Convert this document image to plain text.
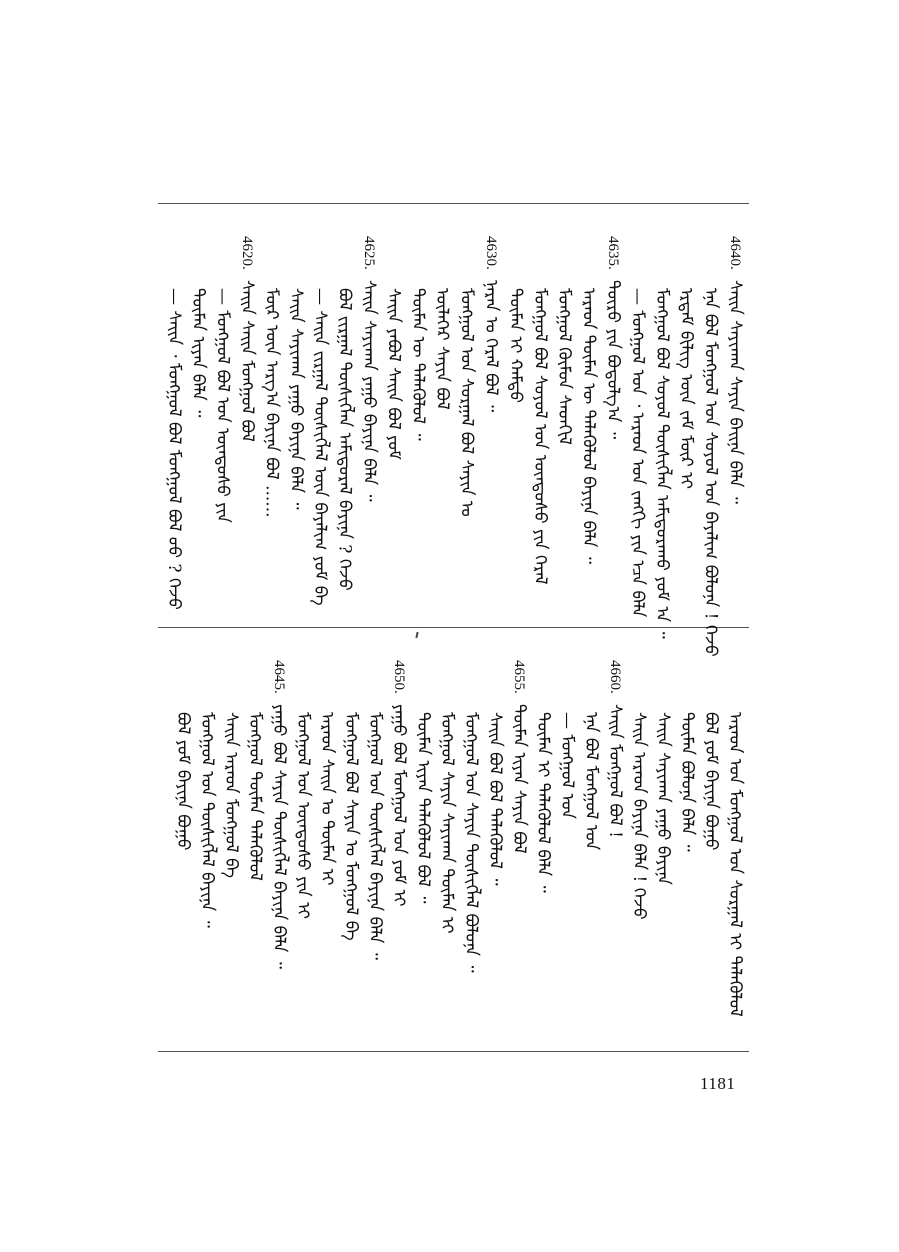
4640.ᠰᠠᠢᠨ ᠰᠠᠶᠢᠬᠠᠨ ᠰᠠᠶᠢᠨ ᠪᠠᠢᠨᠠ ᠪᠡᠯᠡ ᠃
ᠡᠨᠡ ᠪᠣᠯ ᠮᠣᠩᠭᠣᠯ ᠤᠨ ᠰᠣᠶᠣᠯ ᠤᠨ ᠪᠠᠶᠠᠯᠢᠭ ᠪᠣᠯᠤᠨᠠ ! ᠭᠡᠵᠦ
ᠡᠷᠳᠡᠮ ᠪᠢᠯᠢᠭ ᠦᠨ ᠵᠠᠮ ᠮᠥᠷ ᠢ
ᠮᠣᠩᠭᠣᠯ ᠪᠣᠯ ᠰᠣᠶᠣᠯ ᠲᠦᠰᠢᠭᠯᠡᠨ ᠠᠮᠢᠳᠤᠷᠠᠬᠤ ᠶᠤᠮ ᠠ ᠃
— ᠮᠣᠩᠭᠣᠯ ᠤᠨ ᠂ ᠠᠷᠠᠳ ᠤᠨ ᠵᠠᠩᠬᠢ ᠶᠢᠨ ᠡᠴᠡ ᠪᠡᠯᠡ
4635.ᠲᠥᠷᠦ ᠶᠢᠨ ᠪᠣᠳᠣᠯᠭ᠎ᠠ ᠃
ᠠᠷᠠᠳ ᠲᠦᠮᠡᠨ ᠦ ᠲᠡᠯᠡᠭᠦᠯᠦᠯ ᠪᠠᠶᠢᠨᠠ ᠪᠡᠯᠡ ᠃
ᠮᠣᠩᠭᠣᠯ ᠬᠦᠮᠦᠨ ᠰᠡᠳᠬᠢᠯ
ᠮᠣᠩᠭᠣᠯ ᠪᠣᠯ ᠰᠣᠶᠣᠯ ᠤᠨ ᠦᠨᠳᠦᠰᠦ ᠶᠢᠨ ᠭᠡᠷᠡᠯ
ᠲᠦᠮᠡᠨ ᠢ ᠬᠠᠮᠲᠤ
4630.ᠨᠠᠷᠠᠨ ᠤ ᠭᠡᠷᠡᠯ ᠪᠣᠯ ᠃
ᠮᠣᠩᠭᠣᠯ ᠤᠨ ᠰᠤᠷᠭᠠᠯ ᠪᠣᠯ ᠰᠠᠶᠢᠨ ᠤ
ᠦᠯᠡᠬᠡᠷ ᠰᠠᠶᠢᠨ ᠪᠣᠯ
ᠲᠦᠮᠡᠨ ᠦ ᠲᠡᠯᠡᠭᠦᠯᠦᠯ ᠃
ᠰᠠᠢᠨ ᠶᠠᠪᠤᠯ ᠰᠠᠢᠨ ᠪᠣᠯ ᠶᠤᠮ
4625.ᠰᠠᠢᠨ ᠰᠠᠶᠢᠬᠠᠨ ᠶᠠᠭᠤ ᠪᠠᠶᠢᠨᠠ ᠪᠡᠯᠡ ᠃
ᠪᠣᠯ ᠵᠢᠷᠭᠠᠯ ᠲᠦᠰᠢᠭᠯᠡᠨ ᠠᠮᠢᠳᠤᠷᠠᠯ ᠪᠠᠶᠢᠨᠠ ? ᠭᠡᠵᠦ
— ᠰᠠᠢᠨ ᠵᠢᠷᠭᠠᠯ ᠲᠦᠰᠢᠭᠯᠡᠯ ᠦᠨ ᠪᠠᠶᠠᠯᠢᠭ ᠶᠤᠮ ᠪᠠ
ᠰᠠᠢᠨ ᠰᠠᠶᠢᠬᠠᠨ ᠶᠠᠭᠤ ᠪᠠᠶᠢᠨᠠ ᠪᠡᠯᠡ ᠃
ᠮᠥᠷ ᠦᠨ ᠠᠷᠭ᠎ᠠ ᠪᠠᠶᠢᠨᠠ ᠪᠣᠯ ......
4620.ᠰᠠᠢᠨ ᠰᠠᠢᠨ ᠮᠣᠩᠭᠣᠯ ᠪᠣᠯ
— ᠮᠣᠩᠭᠣᠯ ᠪᠣᠯ ᠤᠨ ᠦᠨᠳᠦᠰᠦ ᠶᠢᠨ
ᠲᠦᠮᠡᠨ ᠢᠶᠡᠨ ᠪᠡᠯᠡ ᠃
— ᠰᠠᠢᠨ ᠂ ᠮᠣᠩᠭᠣᠯ ᠪᠣᠯ ᠮᠣᠩᠭᠣᠯ ᠪᠣᠯ ᠤᠤ ? ᠭᠡᠵᠦ
ᠠᠷᠠᠳ ᠤᠨ ᠮᠣᠩᠭᠣᠯ ᠤᠨ ᠰᠤᠷᠭᠠᠯ ᠢ ᠲᠡᠯᠡᠭᠦᠯᠦᠯ
ᠪᠣᠯ ᠶᠤᠮ ᠪᠠᠶᠢᠨᠠ ᠪᠣᠭᠣ
ᠲᠦᠮᠡᠨ ᠪᠣᠯᠤᠨᠠ ᠪᠡᠯᠡ ᠃
ᠰᠠᠢᠨ ᠰᠠᠶᠢᠬᠠᠨ ᠶᠠᠭᠤ ᠪᠠᠶᠢᠨᠠ
ᠰᠠᠢᠨ ᠠᠷᠠᠳ ᠪᠠᠶᠢᠨᠠ ᠪᠡᠯᠡ ! ᠭᠡᠵᠦ
4660.ᠰᠠᠢᠨ ᠮᠣᠩᠭᠣᠯ ᠪᠣᠯ !
ᠡᠨᠡ ᠪᠣᠯ ᠮᠣᠩᠭᠣᠯ ᠤᠨ
— ᠮᠣᠩᠭᠣᠯ ᠤᠨ
ᠲᠦᠮᠡᠨ ᠢ ᠲᠡᠯᠡᠭᠦᠯᠦᠯ ᠪᠡᠯᠡ ᠃
4655.ᠲᠦᠮᠡᠨ ᠢᠶᠡᠨ ᠰᠠᠶᠢᠨ ᠪᠣᠯ
ᠰᠠᠢᠨ ᠪᠣᠯ ᠪᠣᠯ ᠲᠡᠯᠡᠭᠦᠯᠦᠯ ᠃
ᠮᠣᠩᠭᠣᠯ ᠤᠨ ᠰᠠᠶᠢᠨ ᠲᠦᠰᠢᠭᠯᠡᠯ ᠪᠣᠯᠤᠨᠠ ᠃
ᠮᠣᠩᠭᠣᠯ ᠰᠠᠶᠢᠨ ᠰᠠᠶᠢᠬᠠᠨ ᠲᠦᠮᠡᠨ ᠢ
ᠲᠦᠮᠡᠨ ᠢᠶᠡᠨ ᠲᠡᠯᠡᠭᠦᠯᠦᠯ ᠪᠣᠯ ᠃
4650.ᠶᠠᠭᠤ ᠪᠣᠯ ᠮᠣᠩᠭᠣᠯ ᠤᠨ ᠶᠤᠮ ᠢ
ᠮᠣᠩᠭᠣᠯ ᠤᠨ ᠲᠦᠰᠢᠭᠯᠡᠯ ᠪᠠᠶᠢᠨᠠ ᠪᠡᠯᠡ ᠃
ᠮᠣᠩᠭᠣᠯ ᠪᠣᠯ ᠰᠠᠶᠢᠨ ᠤ ᠮᠣᠩᠭᠣᠯ ᠪᠠ
ᠠᠷᠠᠳ ᠰᠠᠢᠨ ᠤ ᠲᠦᠮᠡᠨ ᠢ
ᠮᠣᠩᠭᠣᠯ ᠤᠨ ᠦᠨᠳᠦᠰᠦ ᠶᠢᠨ ᠢ
4645.ᠶᠠᠭᠤ ᠪᠣᠯ ᠰᠠᠶᠢᠨ ᠲᠦᠰᠢᠭᠯᠡᠯ ᠪᠠᠶᠢᠨᠠ ᠪᠡᠯᠡ ᠃
ᠮᠣᠩᠭᠣᠯ ᠲᠦᠮᠡᠨ ᠲᠡᠯᠡᠭᠦᠯᠦᠯ
ᠰᠠᠢᠨ ᠠᠷᠠᠳ ᠮᠣᠩᠭᠣᠯ ᠪᠠ
ᠮᠣᠩᠭᠣᠯ ᠤᠨ ᠲᠦᠰᠢᠭᠯᠡᠯ ᠪᠠᠶᠢᠨᠠ ᠃
ᠪᠣᠯ ᠶᠤᠮ ᠪᠠᠶᠢᠨᠠ ᠪᠣᠭᠣ
1181
